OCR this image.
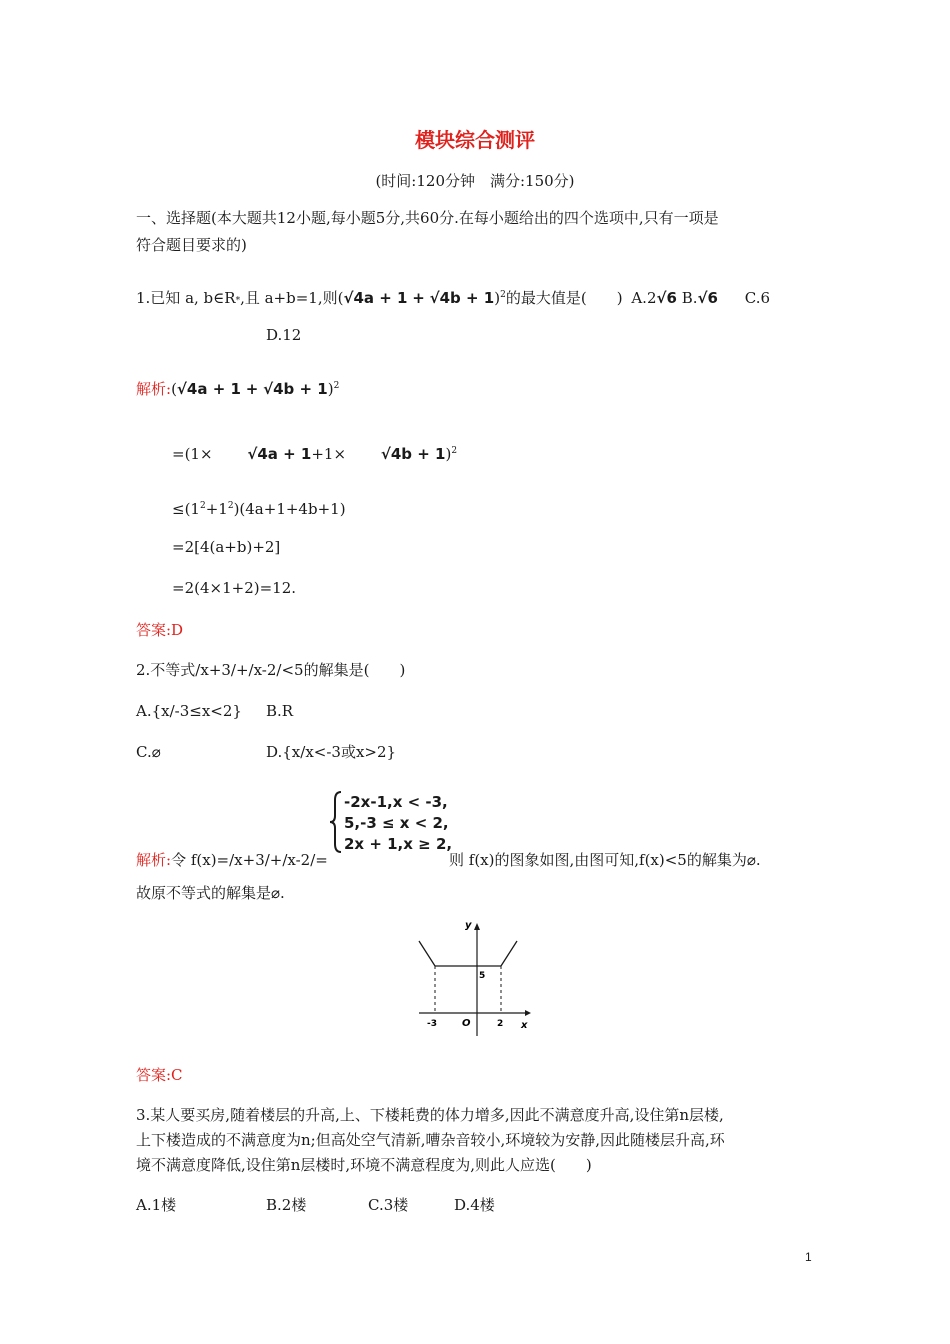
模块综合测评
(时间:120分钟　满分:150分)
一、选择题(本大题共12小题,每小题5分,共60分.在每小题给出的四个选项中,只有一项是
符合题目要求的)
1.已知 a, b∈R*,且 a+b=1,则$(√4a + 1 + √4b + 1)^2$的最大值是(　　) A.2√6 B.√6 C.6
D.12
解析:(√4a + 1 + √4b + 1)$^2$
$=(1\times √4a + 1+1\times √4b + 1)^2$
$\le(1^2+1^2)(4a+1+4b+1)$
=2[4(a+b)+2]
=2(4×1+2)=12.
答案:D
2.不等式/x+3/+/x-2/<5的解集是(　　)
A.{x/-3≤x<2} B.R
C.⌀	D.{x/x<-3或x>2}
-2x-1,x < -3,
5,-3 ≤ x < 2,
2x + 1,x ≥ 2,
解析:令 f(x)=/x+3/+/x-2/=	则 f(x)的图象如图,由图可知,f(x)<5的解集为⌀.
故原不等式的解集是⌀.
y
x
O
5
-3	2
答案:C
3.某人要买房,随着楼层的升高,上、下楼耗费的体力增多,因此不满意度升高,设住第n层楼,
上下楼造成的不满意度为n;但高处空气清新,嘈杂音较小,环境较为安静,因此随楼层升高,环
境不满意度降低,设住第n层楼时,环境不满意程度为,则此人应选(　　)
A.1楼	B.2楼	C.3楼	D.4楼
1
